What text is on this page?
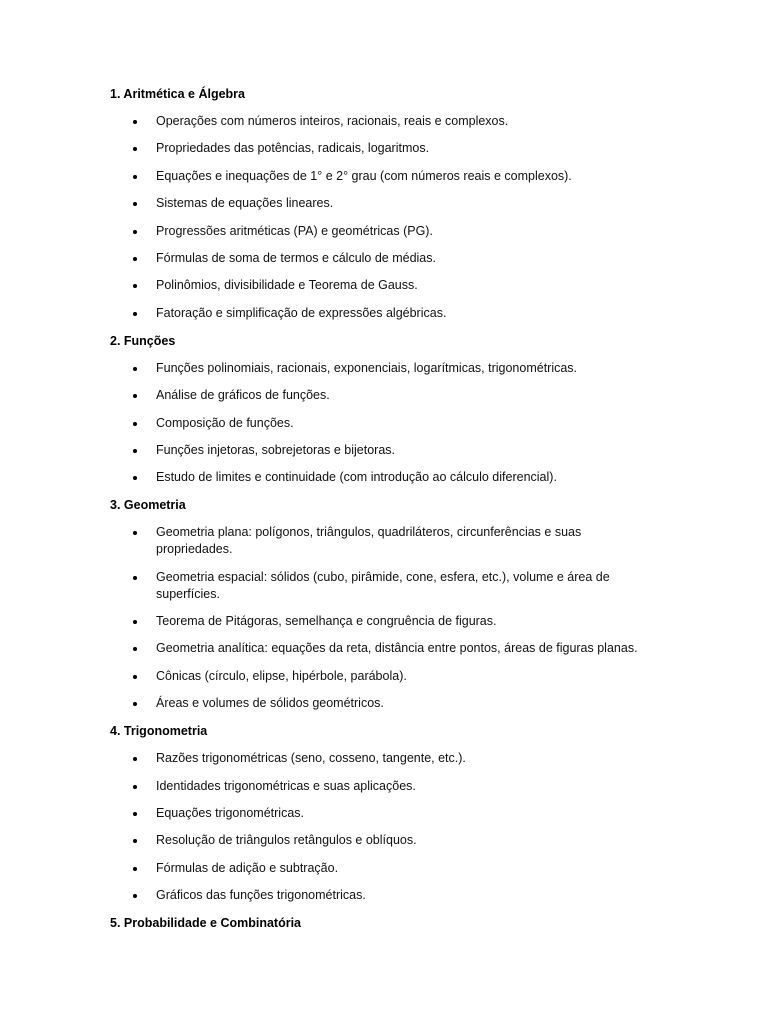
1. Aritmética e Álgebra

Operações com números inteiros, racionais, reais e complexos.
Propriedades das potências, radicais, logaritmos.
Equações e inequações de 1° e 2° grau (com números reais e complexos).
Sistemas de equações lineares.
Progressões aritméticas (PA) e geométricas (PG).
Fórmulas de soma de termos e cálculo de médias.
Polinômios, divisibilidade e Teorema de Gauss.
Fatoração e simplificação de expressões algébricas.

2. Funções

Funções polinomiais, racionais, exponenciais, logarítmicas, trigonométricas.
Análise de gráficos de funções.
Composição de funções.
Funções injetoras, sobrejetoras e bijetoras.
Estudo de limites e continuidade (com introdução ao cálculo diferencial).

3. Geometria

Geometria plana: polígonos, triângulos, quadriláteros, circunferências e suas propriedades.
Geometria espacial: sólidos (cubo, pirâmide, cone, esfera, etc.), volume e área de superfícies.
Teorema de Pitágoras, semelhança e congruência de figuras.
Geometria analítica: equações da reta, distância entre pontos, áreas de figuras planas.
Cônicas (círculo, elipse, hipérbole, parábola).
Áreas e volumes de sólidos geométricos.

4. Trigonometria

Razões trigonométricas (seno, cosseno, tangente, etc.).
Identidades trigonométricas e suas aplicações.
Equações trigonométricas.
Resolução de triângulos retângulos e oblíquos.
Fórmulas de adição e subtração.
Gráficos das funções trigonométricas.

5. Probabilidade e Combinatória
